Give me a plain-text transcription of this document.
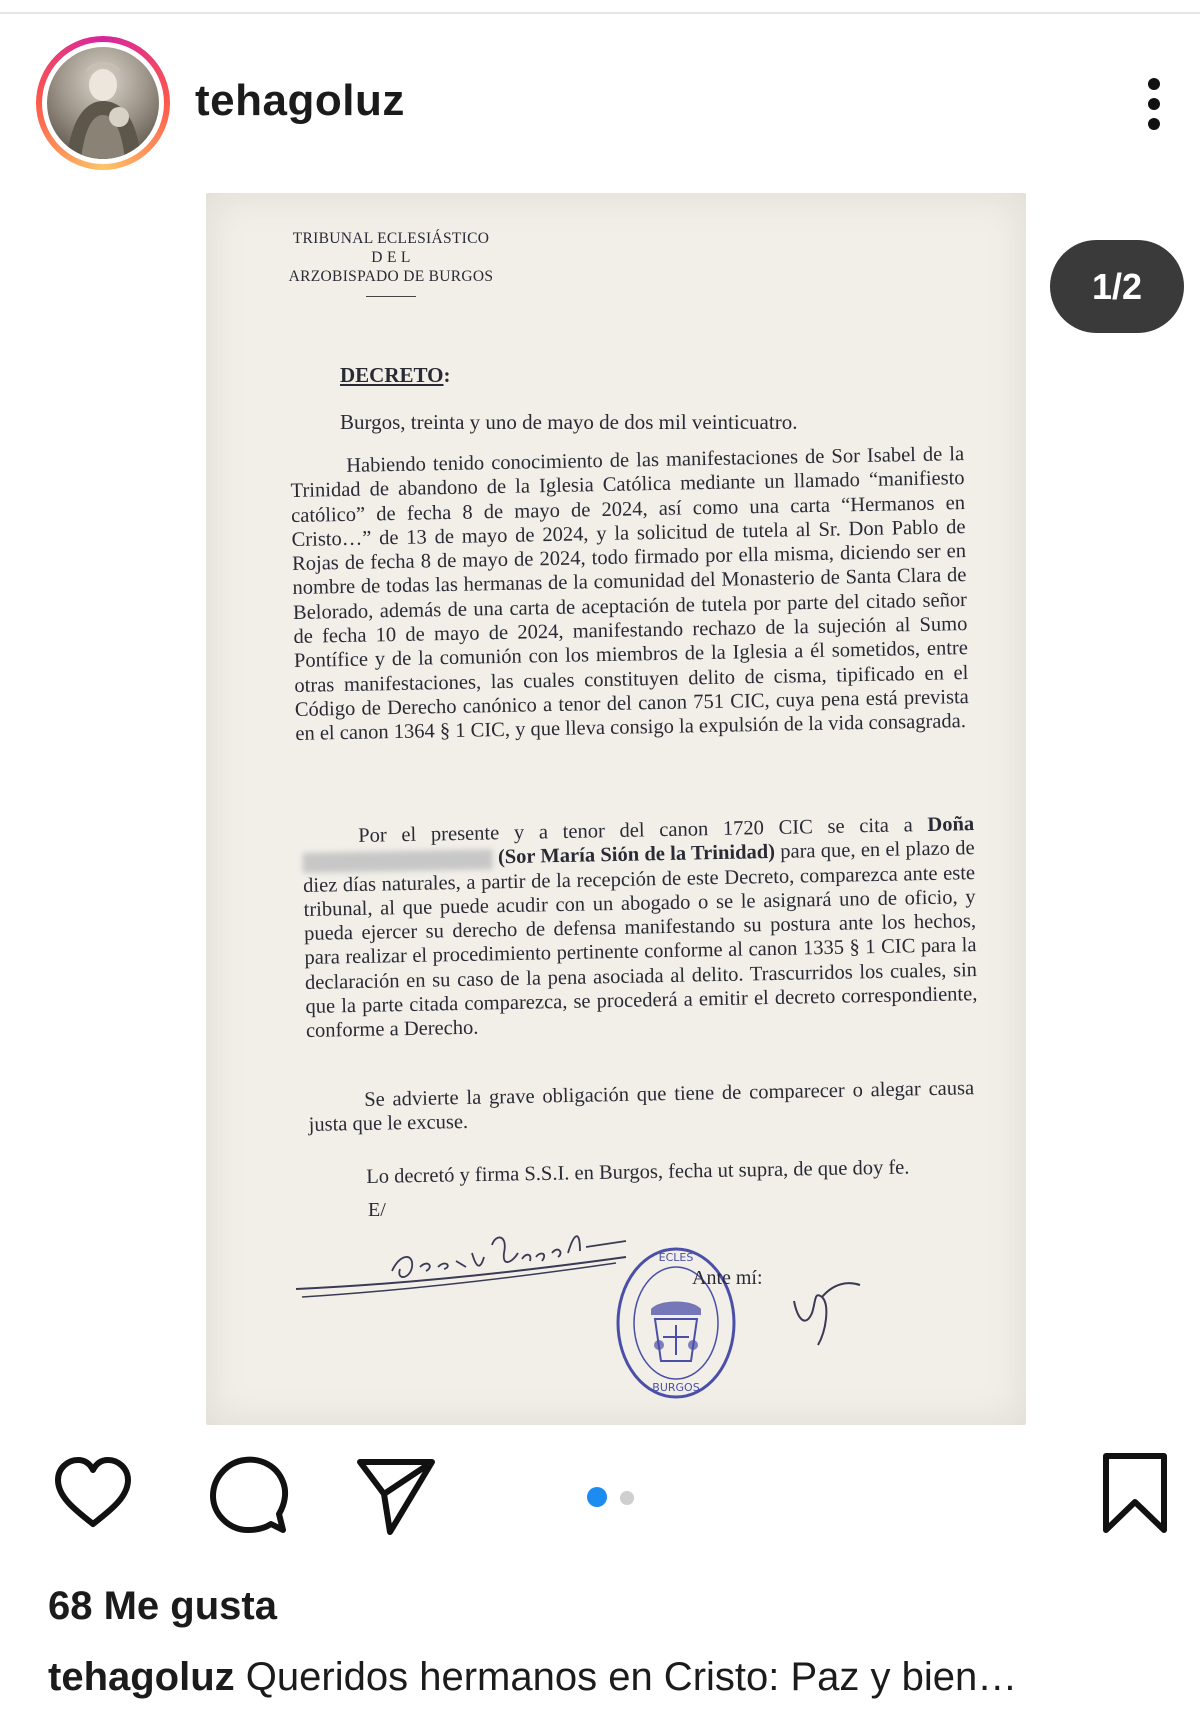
tehagoluz
TRIBUNAL ECLESIÁSTICO
D E L
ARZOBISPADO DE BURGOS
DECRETO:
Burgos, treinta y uno de mayo de dos mil veinticuatro.
Habiendo tenido conocimiento de las manifestaciones de Sor Isabel de la Trinidad de abandono de la Iglesia Católica mediante un llamado “manifiesto católico” de fecha 8 de mayo de 2024, así como una carta “Hermanos en Cristo…” de 13 de mayo de 2024, y la solicitud de tutela al Sr. Don Pablo de Rojas de fecha 8 de mayo de 2024, todo firmado por ella misma, diciendo ser en nombre de todas las hermanas de la comunidad del Monasterio de Santa Clara de Belorado, además de una carta de aceptación de tutela por parte del citado señor de fecha 10 de mayo de 2024, manifestando rechazo de la sujeción al Sumo Pontífice y de la comunión con los miembros de la Iglesia a él sometidos, entre otras manifestaciones, las cuales constituyen delito de cisma, tipificado en el Código de Derecho canónico a tenor del canon 751 CIC, cuya pena está prevista en el canon 1364 § 1 CIC, y que lleva consigo la expulsión de la vida consagrada.
Por el presente y a tenor del canon 1720 CIC se cita a Doña  (Sor María Sión de la Trinidad) para que, en el plazo de diez días naturales, a partir de la recepción de este Decreto, comparezca ante este tribunal, al que puede acudir con un abogado o se le asignará uno de oficio, y pueda ejercer su derecho de defensa manifestando su postura ante los hechos, para realizar el procedimiento pertinente conforme al canon 1335 § 1 CIC para la declaración en su caso de la pena asociada al delito. Trascurridos los cuales, sin que la parte citada comparezca, se procederá a emitir el decreto correspondiente, conforme a Derecho.
Se advierte la grave obligación que tiene de comparecer o alegar causa justa que le excuse.
Lo decretó y firma S.S.I. en Burgos, fecha ut supra, de que doy fe.
E/
ECLES
BURGOS
Ante mí:
1/2
68 Me gusta
tehagoluz Queridos hermanos en Cristo: Paz y bien…
